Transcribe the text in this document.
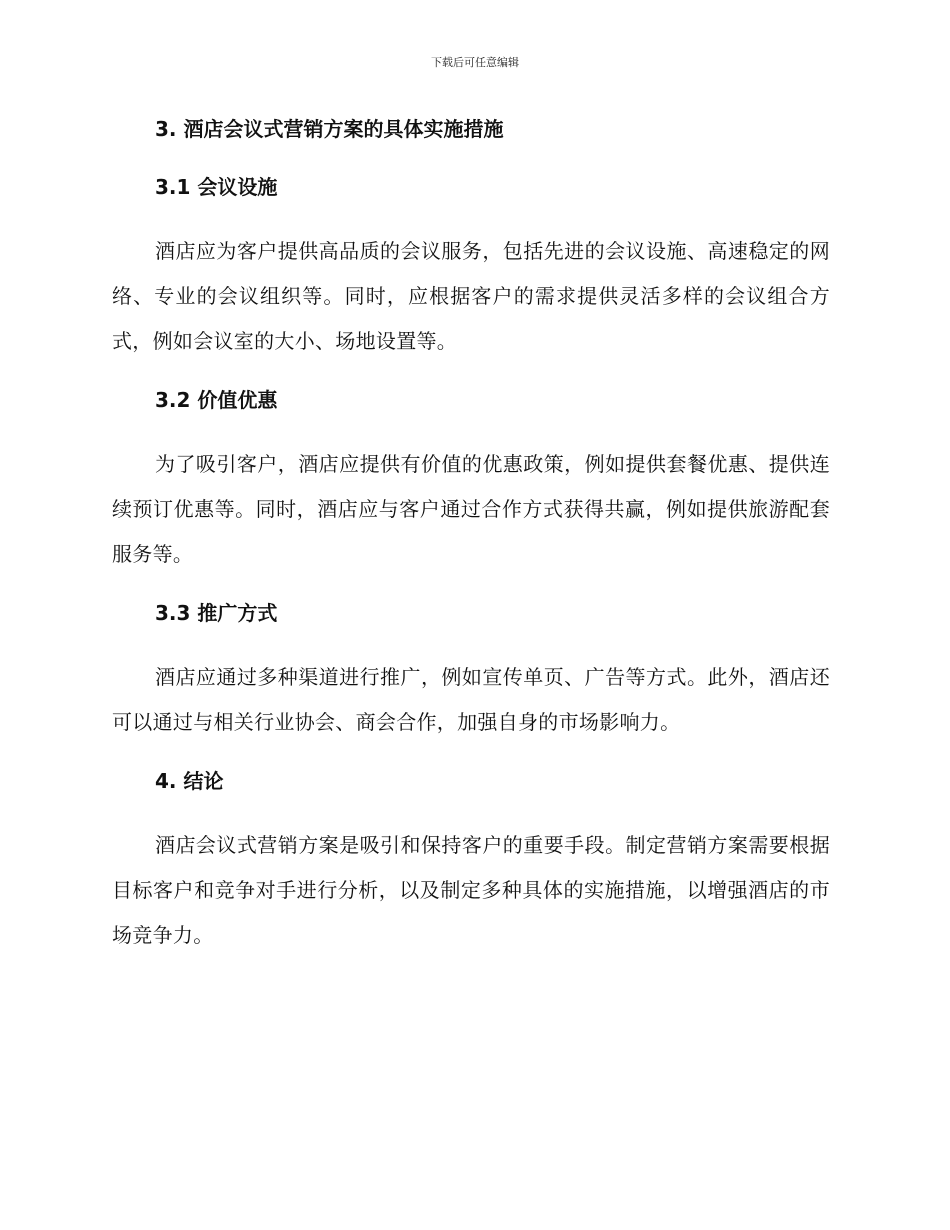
下载后可任意编辑
3. 酒店会议式营销方案的具体实施措施
3.1 会议设施

酒店应为客户提供高品质的会议服务，包括先进的会议设施、高速稳定的网络、专业的会议组织等。同时，应根据客户的需求提供灵活多样的会议组合方式，例如会议室的大小、场地设置等。

3.2 价值优惠

为了吸引客户，酒店应提供有价值的优惠政策，例如提供套餐优惠、提供连续预订优惠等。同时，酒店应与客户通过合作方式获得共赢，例如提供旅游配套服务等。

3.3 推广方式

酒店应通过多种渠道进行推广，例如宣传单页、广告等方式。此外，酒店还可以通过与相关行业协会、商会合作，加强自身的市场影响力。

4. 结论

酒店会议式营销方案是吸引和保持客户的重要手段。制定营销方案需要根据目标客户和竞争对手进行分析，以及制定多种具体的实施措施，以增强酒店的市场竞争力。
